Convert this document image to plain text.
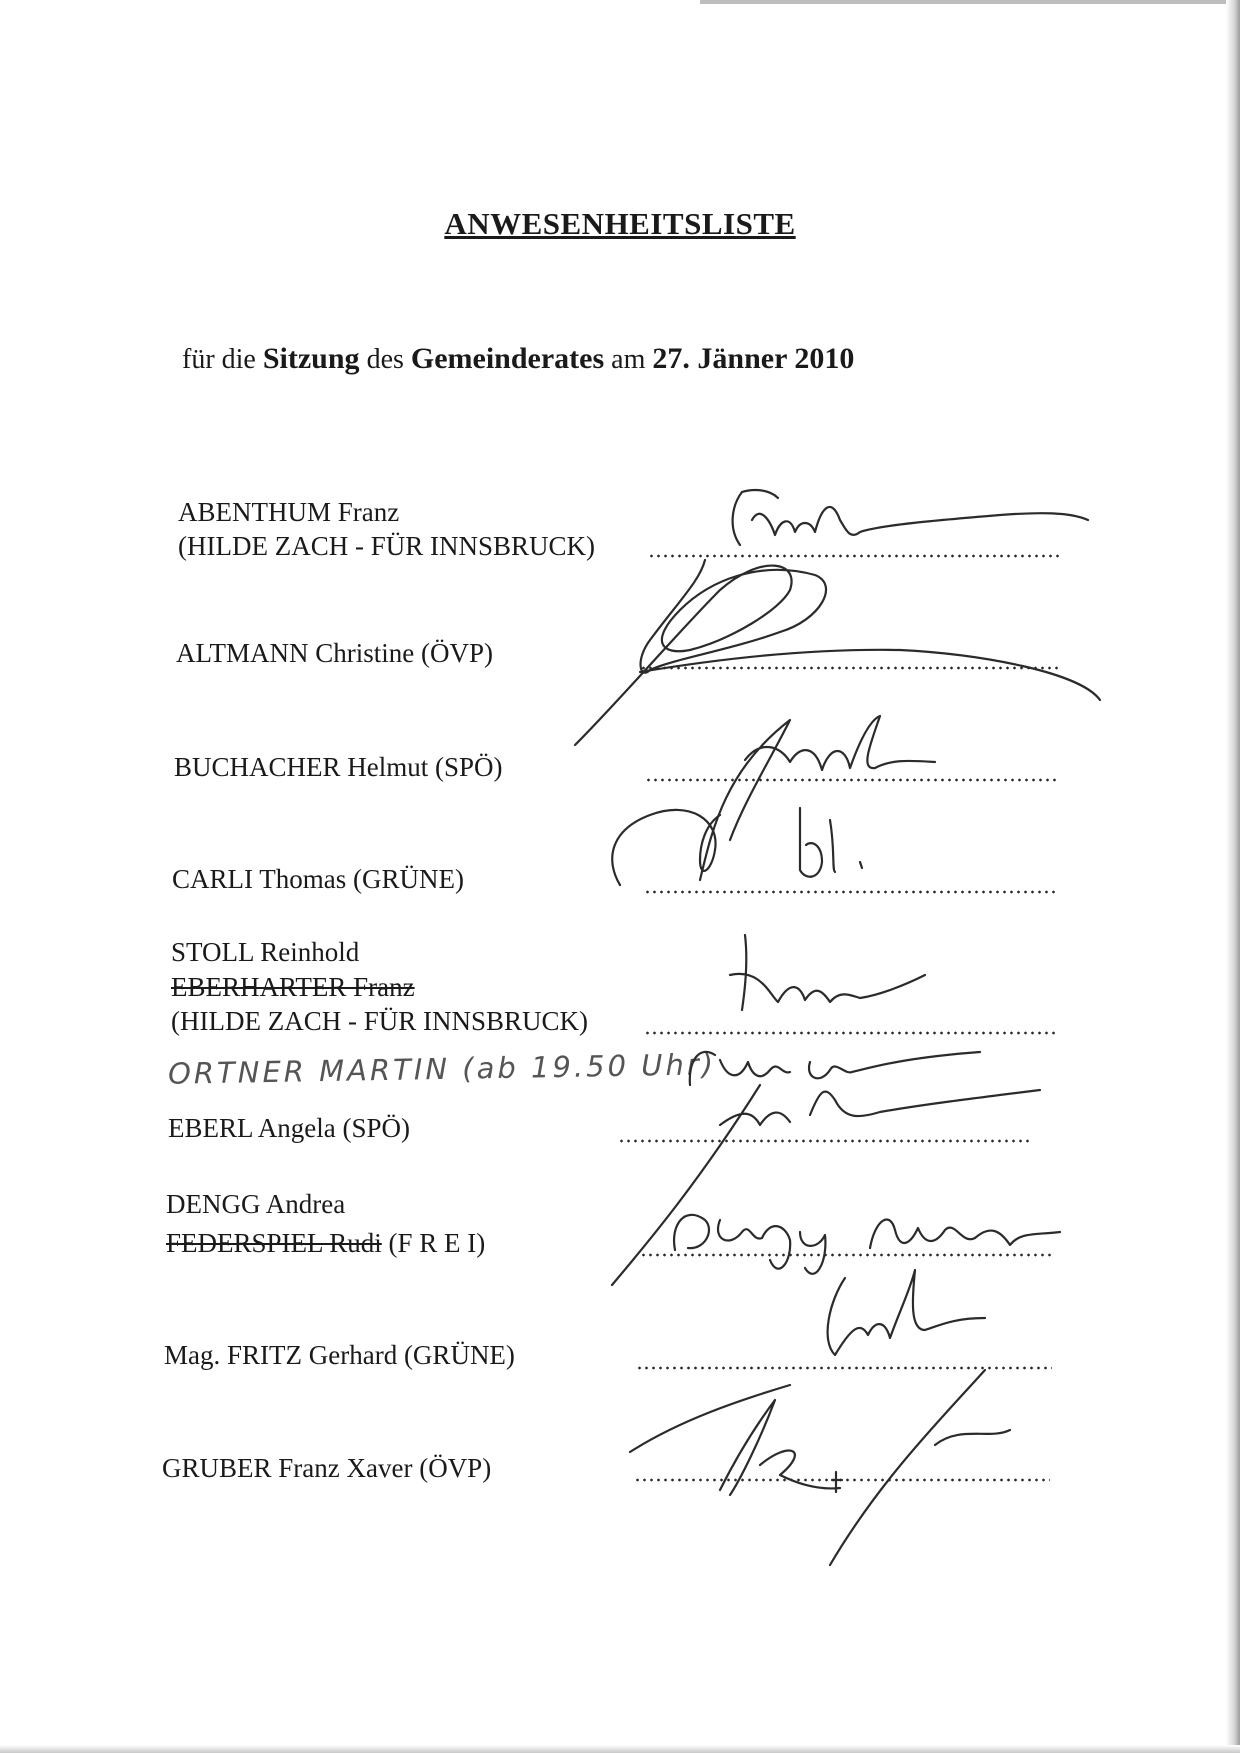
ANWESENHEITSLISTE
für die Sitzung des Gemeinderates am 27. Jänner 2010
ABENTHUM Franz
(HILDE ZACH - FÜR INNSBRUCK)
ALTMANN Christine (ÖVP)
BUCHACHER Helmut (SPÖ)
CARLI Thomas (GRÜNE)
STOLL Reinhold
EBERHARTER Franz
(HILDE ZACH - FÜR INNSBRUCK)
ORTNER MARTIN (ab 19.50 Uhr)
EBERL Angela (SPÖ)
DENGG Andrea
FEDERSPIEL Rudi (F R E I)
Mag. FRITZ Gerhard (GRÜNE)
GRUBER Franz Xaver (ÖVP)
